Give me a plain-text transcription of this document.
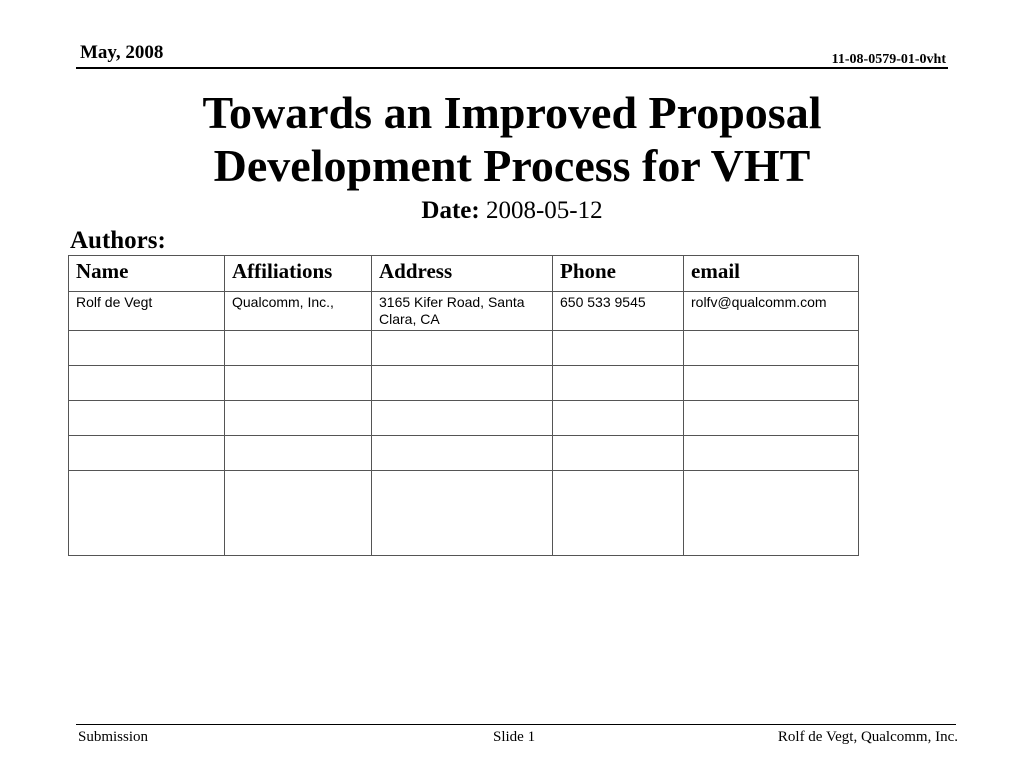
May, 2008	11-08-0579-01-0vht
Towards an Improved Proposal
Development Process for VHT
Date: 2008-05-12
Authors:
Name	Affiliations	Address	Phone	email
Rolf de Vegt	Qualcomm, Inc.,	3165 Kifer Road, Santa Clara, CA	650 533 9545	rolfv@qualcomm.com

Submission	Slide 1	Rolf de Vegt, Qualcomm, Inc.
